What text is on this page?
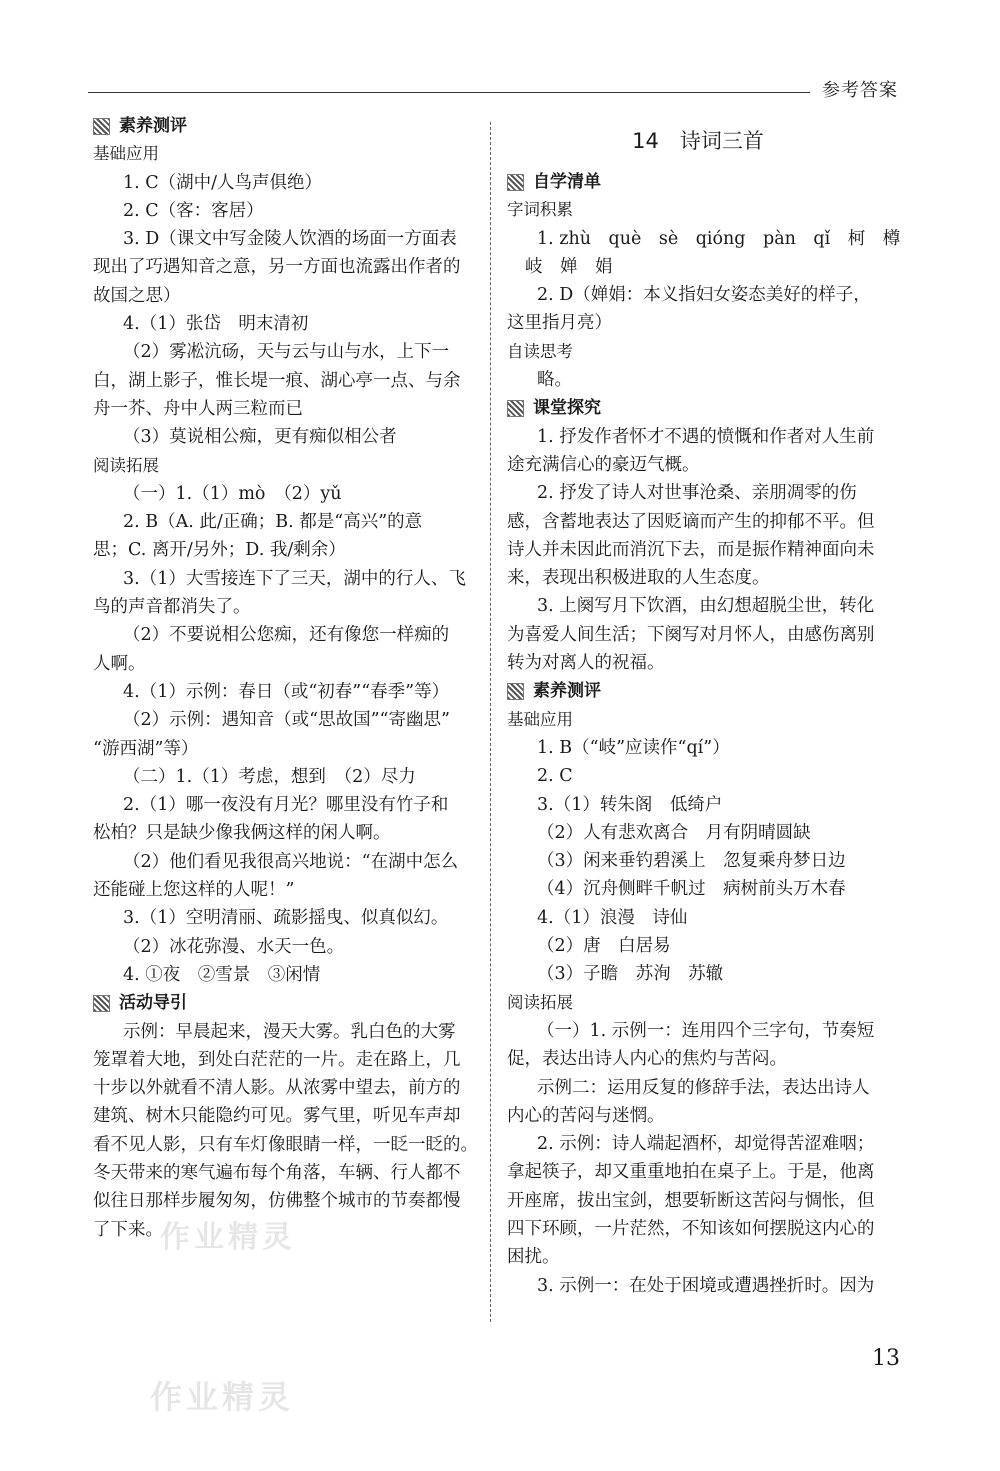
参考答案
素养测评
基础应用
1. C（湖中/人鸟声俱绝）
2. C（客：客居）
3. D（课文中写金陵人饮酒的场面一方面表
现出了巧遇知音之意，另一方面也流露出作者的
故国之思）
4.（1）张岱　明末清初
（2）雾凇沆砀，天与云与山与水，上下一
白，湖上影子，惟长堤一痕、湖心亭一点、与余
舟一芥、舟中人两三粒而已
（3）莫说相公痴，更有痴似相公者
阅读拓展
（一）1.（1）mò　（2）yǔ
2. B（A. 此/正确；B. 都是“高兴”的意
思；C. 离开/另外；D. 我/剩余）
3.（1）大雪接连下了三天，湖中的行人、飞
鸟的声音都消失了。
（2）不要说相公您痴，还有像您一样痴的
人啊。
4.（1）示例：春日（或“初春”“春季”等）
（2）示例：遇知音（或“思故国”“寄幽思”
“游西湖”等）
（二）1.（1）考虑，想到　（2）尽力
2.（1）哪一夜没有月光？哪里没有竹子和
松柏？只是缺少像我俩这样的闲人啊。
（2）他们看见我很高兴地说：“在湖中怎么
还能碰上您这样的人呢！”
3.（1）空明清丽、疏影摇曳、似真似幻。
（2）冰花弥漫、水天一色。
4. ①夜　②雪景　③闲情
活动导引
示例：早晨起来，漫天大雾。乳白色的大雾
笼罩着大地，到处白茫茫的一片。走在路上，几
十步以外就看不清人影。从浓雾中望去，前方的
建筑、树木只能隐约可见。雾气里，听见车声却
看不见人影，只有车灯像眼睛一样，一眨一眨的。
冬天带来的寒气遍布每个角落，车辆、行人都不
似往日那样步履匆匆，仿佛整个城市的节奏都慢
了下来。
14　诗词三首
自学清单
字词积累
1. zhù　què　sè　qióng　pàn　qǐ　柯　樽
岐　婵　娟
2. D（婵娟：本义指妇女姿态美好的样子，
这里指月亮）
自读思考
略。
课堂探究
1. 抒发作者怀才不遇的愤慨和作者对人生前
途充满信心的豪迈气概。
2. 抒发了诗人对世事沧桑、亲朋凋零的伤
感，含蓄地表达了因贬谪而产生的抑郁不平。但
诗人并未因此而消沉下去，而是振作精神面向未
来，表现出积极进取的人生态度。
3. 上阕写月下饮酒，由幻想超脱尘世，转化
为喜爱人间生活；下阕写对月怀人，由感伤离别
转为对离人的祝福。
素养测评
基础应用
1. B（“岐”应读作“qí”）
2. C
3.（1）转朱阁　低绮户
（2）人有悲欢离合　月有阴晴圆缺
（3）闲来垂钓碧溪上　忽复乘舟梦日边
（4）沉舟侧畔千帆过　病树前头万木春
4.（1）浪漫　诗仙
（2）唐　白居易
（3）子瞻　苏洵　苏辙
阅读拓展
（一）1. 示例一：连用四个三字句，节奏短
促，表达出诗人内心的焦灼与苦闷。
示例二：运用反复的修辞手法，表达出诗人
内心的苦闷与迷惘。
2. 示例：诗人端起酒杯，却觉得苦涩难咽；
拿起筷子，却又重重地拍在桌子上。于是，他离
开座席，拔出宝剑，想要斩断这苦闷与惆怅，但
四下环顾，一片茫然，不知该如何摆脱这内心的
困扰。
3. 示例一：在处于困境或遭遇挫折时。因为
13
作业精灵
作业精灵
